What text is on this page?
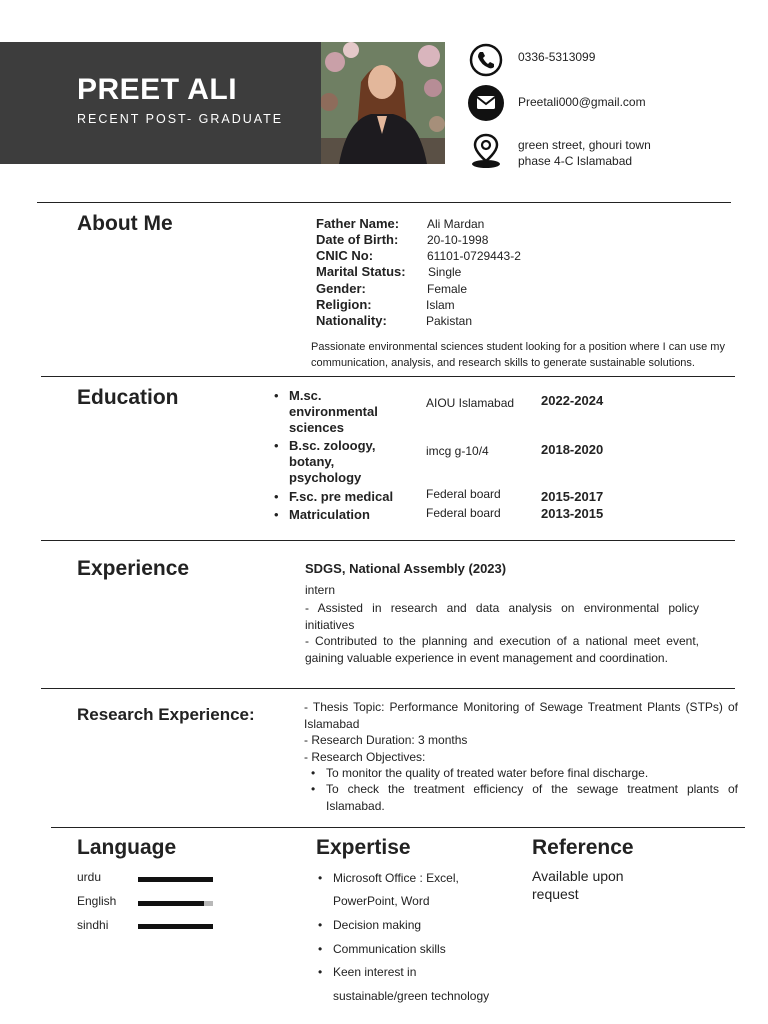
PREET ALI
RECENT POST- GRADUATE
0336-5313099
Preetali000@gmail.com
green street, ghouri town
phase 4-C Islamabad
About Me	Father Name: Ali Mardan
Date of Birth: 20-10-1998
CNIC No:	61101-0729443-2
Marital Status: Single
Gender:	Female
Religion:	Islam
Nationality:	Pakistan
Passionate environmental sciences student looking for a position where I can use my
communication, analysis, and research skills to generate sustainable solutions.
Education	• M.sc.
environmental
sciences
AIOU Islamabad 2022-2024
• B.sc. zoloogy,
botany,
psychology
imcg g-10/4	2018-2020
• F.sc. pre medical	Federal board	2015-2017
• Matriculation	Federal board	2013-2015
Experience	SDGS, National Assembly (2023)
intern
- Assisted in research and data analysis on environmental policy
initiatives
- Contributed to the planning and execution of a national meet event,
gaining valuable experience in event management and coordination.
Research Experience:	- Thesis Topic: Performance Monitoring of Sewage Treatment Plants (STPs) of
Islamabad
- Research Duration: 3 months
- Research Objectives:
• To monitor the quality of treated water before final discharge.
• To check the treatment efficiency of the sewage treatment plants of
Islamabad.
Language
urdu
English
sindhi
Expertise
• Microsoft Office : Excel,
PowerPoint, Word
• Decision making
• Communication skills
• Keen interest in
sustainable/green technology
Reference
Available upon
request
